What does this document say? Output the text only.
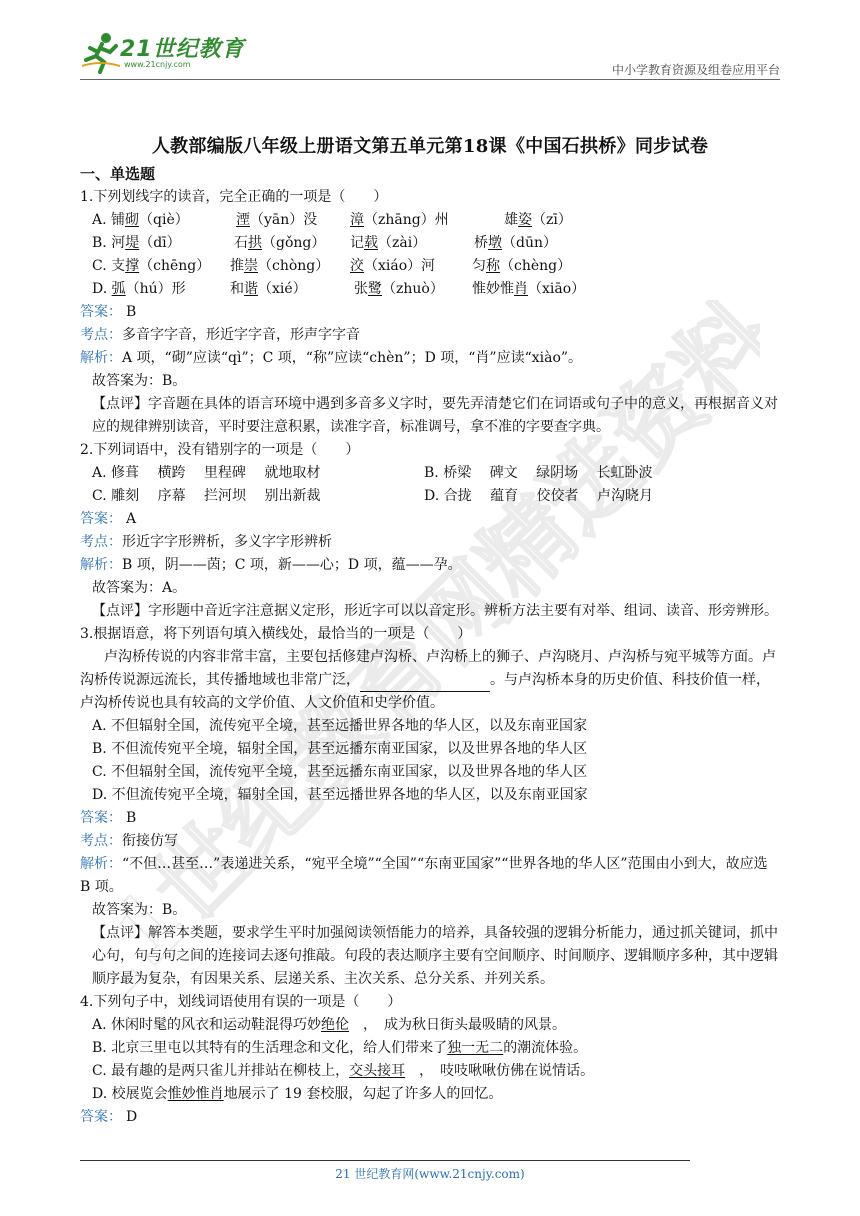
21世纪教育
www.21cnjy.com	中小学教育资源及组卷应用平台
21世纪教育网精选资料
人教部编版八年级上册语文第五单元第18课《中国石拱桥》同步试卷
一、单选题
1.下列划线字的读音，完全正确的一项是（　　）
A. 铺砌（qiè）	湮（yān）没 漳（zhāng）州	雄姿（zī）
B. 河堤（dī）	石拱（gǒng） 记载（zài）	桥墩（dūn）
C. 支撑（chēng） 推崇（chòng） 洨（xiáo）河	匀称（chèng）
D. 弧（hú）形	和谐（xié）	张鹭（zhuò） 惟妙惟肖（xiāo）
答案： B
考点：多音字字音，形近字字音，形声字字音
解析：A 项，“砌”应读“qì”；C 项，“称”应读“chèn”；D 项，“肖”应读“xiào”。
故答案为：B。
【点评】字音题在具体的语言环境中遇到多音多义字时，要先弄清楚它们在词语或句子中的意义，再根据音义对应的规律辨别读音，平时要注意积累，读准字音，标准调号，拿不准的字要查字典。
2.下列词语中，没有错别字的一项是（　　）
A. 修葺　 横跨　 里程碑　 就地取材	B. 桥梁　 碑文　 绿阴场　 长虹卧波
C. 雕刻　 序幕　 拦河坝　 别出新裁	D. 合拢　 蕴育　 佼佼者　 卢沟晓月
答案： A
考点：形近字字形辨析，多义字字形辨析
解析：B 项，阴——茵；C 项，新——心；D 项，蕴——孕。
故答案为：A。
【点评】字形题中音近字注意据义定形，形近字可以以音定形。辨析方法主要有对举、组词、读音、形旁辨形。
3.根据语意，将下列语句填入横线处，最恰当的一项是（　　）
卢沟桥传说的内容非常丰富，主要包括修建卢沟桥、卢沟桥上的狮子、卢沟晓月、卢沟桥与宛平城等方面。卢沟桥传说源远流长，其传播地域也非常广泛，	。与卢沟桥本身的历史价值、科技价值一样，卢沟桥传说也具有较高的文学价值、人文价值和史学价值。
A. 不但辐射全国，流传宛平全境，甚至远播世界各地的华人区，以及东南亚国家
B. 不但流传宛平全境，辐射全国，甚至远播东南亚国家，以及世界各地的华人区
C. 不但辐射全国，流传宛平全境，甚至远播东南亚国家，以及世界各地的华人区
D. 不但流传宛平全境，辐射全国，甚至远播世界各地的华人区，以及东南亚国家
答案： B
考点：衔接仿写
解析：“不但…甚至…”表递进关系，“宛平全境”“全国”“东南亚国家”“世界各地的华人区”范围由小到大，故应选 B 项。
故答案为：B。
【点评】解答本类题，要求学生平时加强阅读领悟能力的培养，具备较强的逻辑分析能力，通过抓关键词，抓中心句，句与句之间的连接词去逐句推敲。句段的表达顺序主要有空间顺序、时间顺序、逻辑顺序多种，其中逻辑顺序最为复杂，有因果关系、层递关系、主次关系、总分关系、并列关系。
4.下列句子中，划线词语使用有误的一项是（　　）
A. 休闲时髦的风衣和运动鞋混得巧妙绝伦　，　成为秋日街头最吸睛的风景。
B. 北京三里屯以其特有的生活理念和文化，给人们带来了独一无二的潮流体验。
C. 最有趣的是两只雀儿并排站在柳枝上，交头接耳　，　吱吱啾啾仿佛在说情话。
D. 校展览会惟妙惟肖地展示了 19 套校服，勾起了许多人的回忆。
答案： D
21 世纪教育网(www.21cnjy.com)
